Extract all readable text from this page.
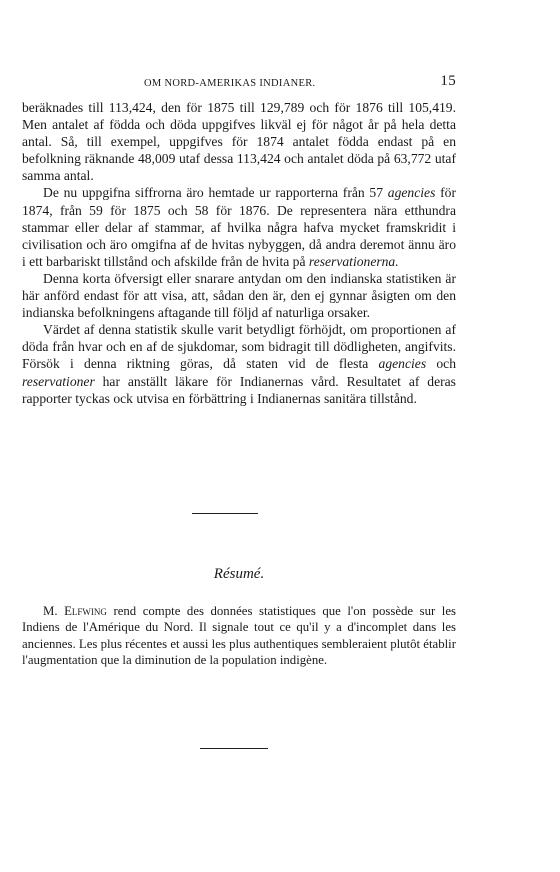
OM NORD-AMERIKAS INDIANER.	15

beräknades till 113,424, den för 1875 till 129,789 och för 1876 till 105,419. Men antalet af födda och döda uppgifves likväl ej för något år på hela detta antal. Så, till exempel, uppgifves för 1874 antalet födda endast på en befolkning räknande 48,009 utaf dessa 113,424 och antalet döda på 63,772 utaf samma antal.

De nu uppgifna siffrorna äro hemtade ur rapporterna från 57 agencies för 1874, från 59 för 1875 och 58 för 1876. De representera nära etthundra stammar eller delar af stammar, af hvilka några hafva mycket framskridit i civilisation och äro omgifna af de hvitas nybyggen, då andra deremot ännu äro i ett barbariskt tillstånd och afskilde från de hvita på reservationerna.

Denna korta öfversigt eller snarare antydan om den indianska statistiken är här anförd endast för att visa, att, sådan den är, den ej gynnar åsigten om den indianska befolkningens aftagande till följd af naturliga orsaker.

Värdet af denna statistik skulle varit betydligt förhöjdt, om proportionen af döda från hvar och en af de sjukdomar, som bidragit till dödligheten, angifvits. Försök i denna riktning göras, då staten vid de flesta agencies och reservationer har anställt läkare för Indianernas vård. Resultatet af deras rapporter tyckas ock utvisa en förbättring i Indianernas sanitära tillstånd.

Résumé.

M. Elfwing rend compte des données statistiques que l'on possède sur les Indiens de l'Amérique du Nord. Il signale tout ce qu'il y a d'incomplet dans les anciennes. Les plus récentes et aussi les plus authentiques sembleraient plutôt établir l'augmentation que la diminution de la population indigène.
